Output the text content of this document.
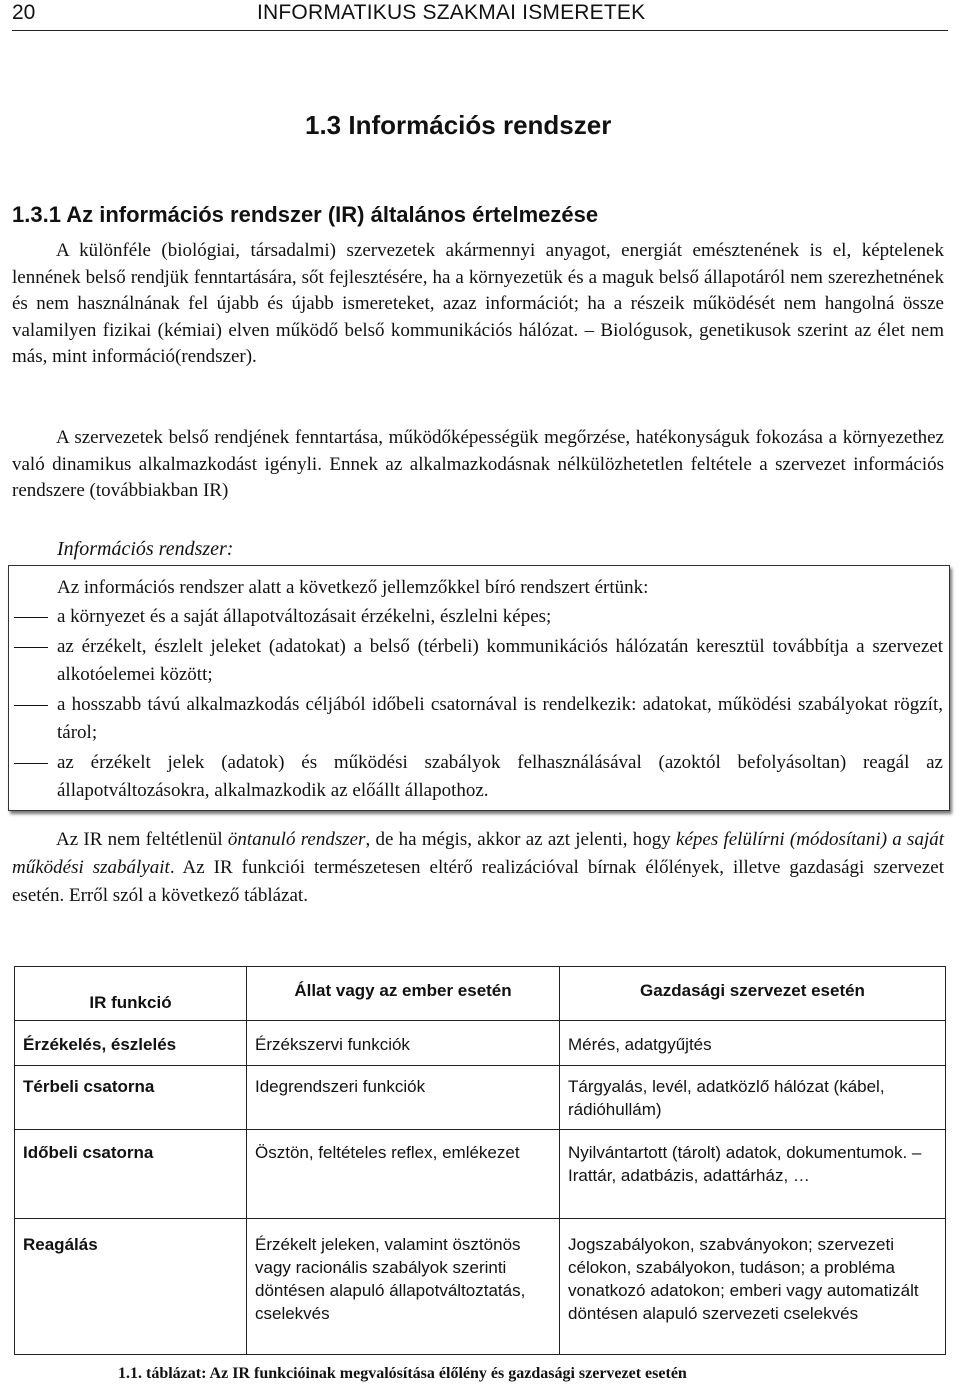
20	INFORMATIKUS SZAKMAI ISMERETEK
1.3 Információs rendszer
1.3.1 Az információs rendszer (IR) általános értelmezése

A különféle (biológiai, társadalmi) szervezetek akármennyi anyagot, energiát emésztenének is el, képtelenek lennének belső rendjük fenntartására, sőt fejlesztésére, ha a környezetük és a maguk belső állapotáról nem szerezhetnének és nem használnának fel újabb és újabb ismereteket, azaz információt; ha a részeik működését nem hangolná össze valamilyen fizikai (kémiai) elven működő belső kommunikációs hálózat. – Biológusok, genetikusok szerint az élet nem más, mint információ(rendszer).

A szervezetek belső rendjének fenntartása, működőképességük megőrzése, hatékonyságuk fokozása a környezethez való dinamikus alkalmazkodást igényli. Ennek az alkalmazkodásnak nélkülözhetetlen feltétele a szervezet információs rendszere (továbbiakban IR)

Információs rendszer:
Az információs rendszer alatt a következő jellemzőkkel bíró rendszert értünk:
a környezet és a saját állapotváltozásait érzékelni, észlelni képes;
az érzékelt, észlelt jeleket (adatokat) a belső (térbeli) kommunikációs hálózatán keresztül továbbítja a szervezet alkotóelemei között;
a hosszabb távú alkalmazkodás céljából időbeli csatornával is rendelkezik: adatokat, működési szabályokat rögzít, tárol;
az érzékelt jelek (adatok) és működési szabályok felhasználásával (azoktól befolyásoltan) reagál az állapotváltozásokra, alkalmazkodik az előállt állapothoz.

Az IR nem feltétlenül öntanuló rendszer, de ha mégis, akkor az azt jelenti, hogy képes felülírni (módosítani) a saját működési szabályait. Az IR funkciói természetesen eltérő realizációval bírnak élőlények, illetve gazdasági szervezet esetén. Erről szól a következő táblázat.

IR funkció	Állat vagy az ember esetén	Gazdasági szervezet esetén
Érzékelés, észlelés	Érzékszervi funkciók	Mérés, adatgyűjtés
Térbeli csatorna	Idegrendszeri funkciók	Tárgyalás, levél, adatközlő hálózat (kábel, rádióhullám)
Időbeli csatorna	Ösztön, feltételes reflex, emlékezet	Nyilvántartott (tárolt) adatok, dokumentumok. – Irattár, adatbázis, adattárház, …
Reagálás	Érzékelt jeleken, valamint ösztönös vagy racionális szabályok szerinti döntésen alapuló állapotváltoztatás, cselekvés	Jogszabályokon, szabványokon; szervezeti célokon, szabályokon, tudáson; a probléma vonatkozó adatokon; emberi vagy automatizált döntésen alapuló szervezeti cselekvés
1.1. táblázat: Az IR funkcióinak megvalósítása élőlény és gazdasági szervezet esetén
